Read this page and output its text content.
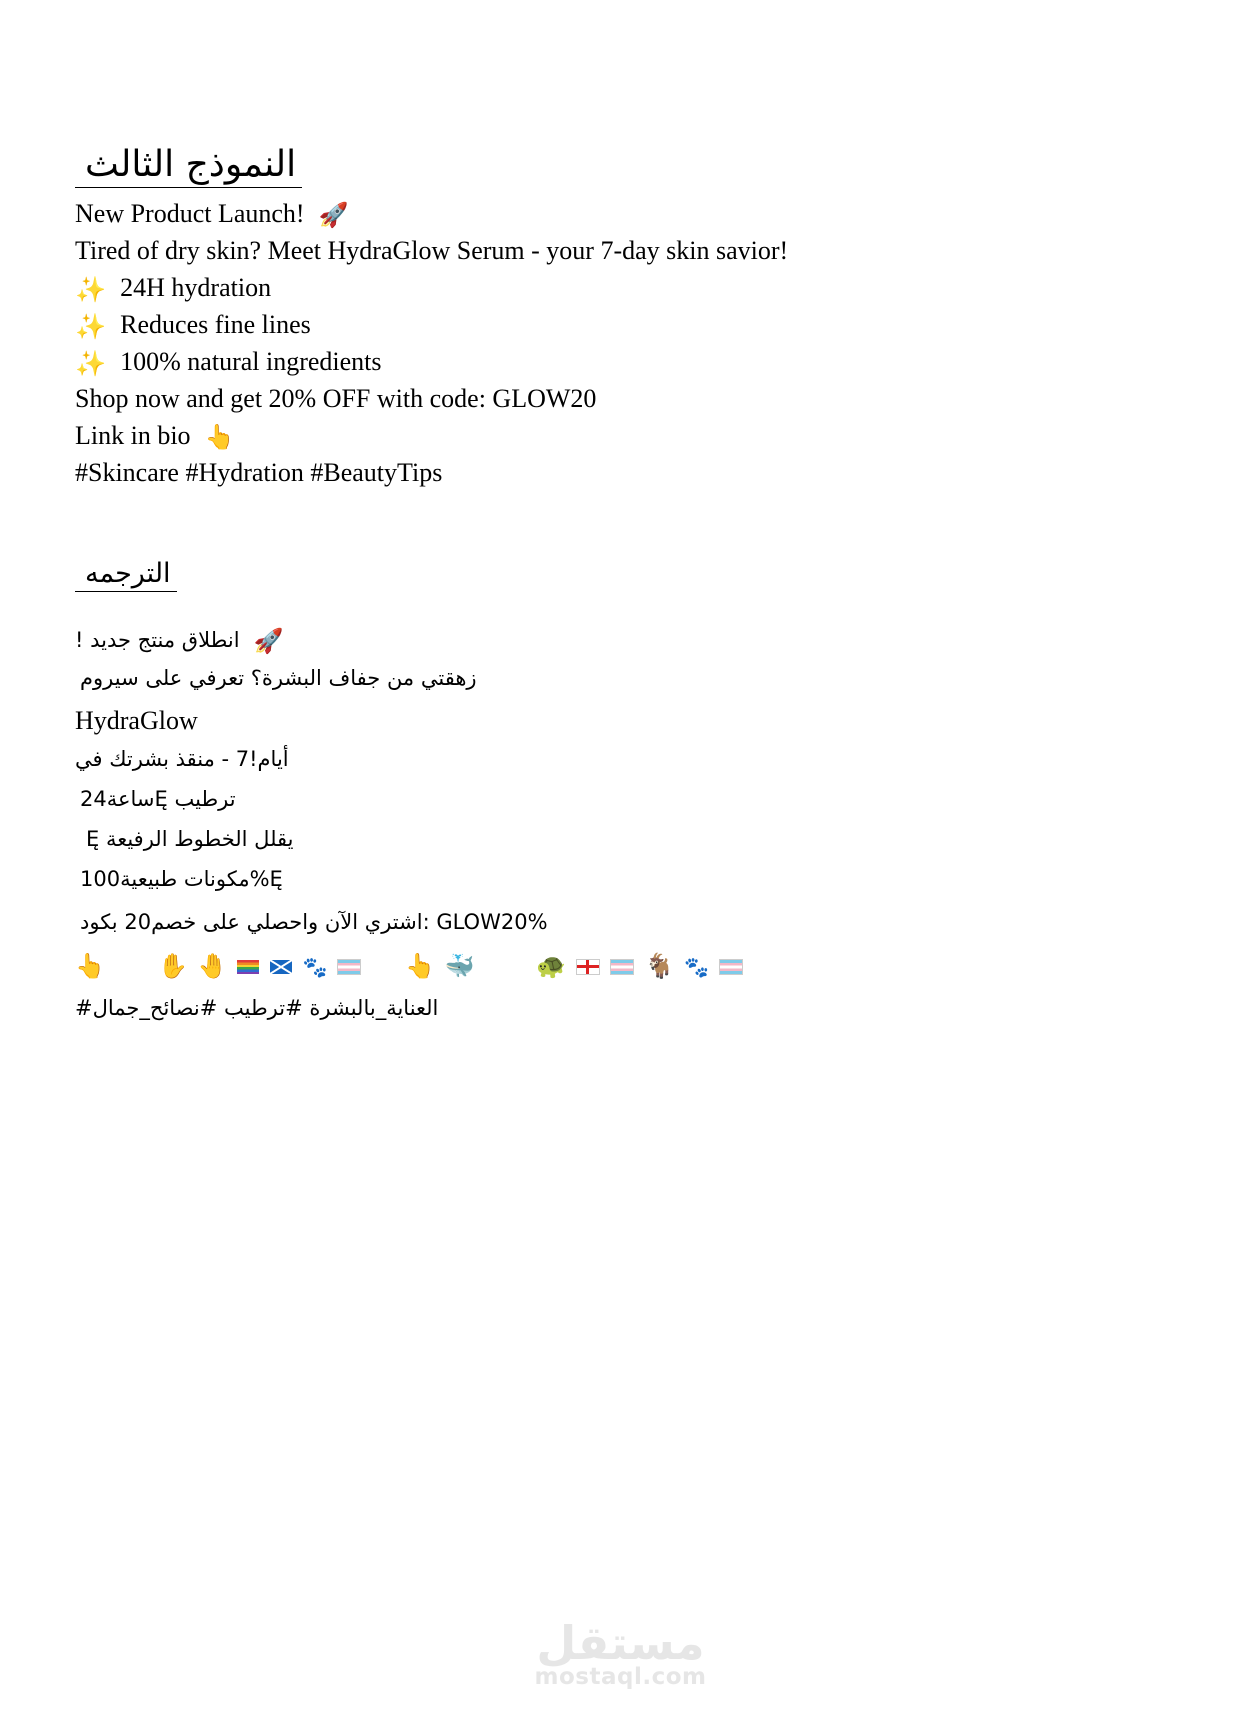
النموذج الثالث
New Product Launch! 🚀
Tired of dry skin? Meet HydraGlow Serum - your 7-day skin savior!
✨ 24H hydration
✨ Reduces fine lines
✨ 100% natural ingredients
Shop now and get 20% OFF with code: GLOW20
Link in bio 👆
#Skincare #Hydration #BeautyTips
الترجمه
انطلاق منتج جديد ! 🚀
زهقتي من جفاف البشرة؟ تعرفي على سيروم
HydraGlow
أيام!7 - منقذ بشرتك في
ساعة24Ę ترطيب
Ę يقلل الخطوط الرفيعة
مكونات طبيعية100%Ę
اشتري الآن واحصلي على خصم20 بكود: GLOW20%
👆 ✋ 🤚	🐾	👆 🐳	🐢	🐐 🐾
#العناية_بالبشرة #ترطيب #نصائح_جمال
مستقل
mostaql.com
